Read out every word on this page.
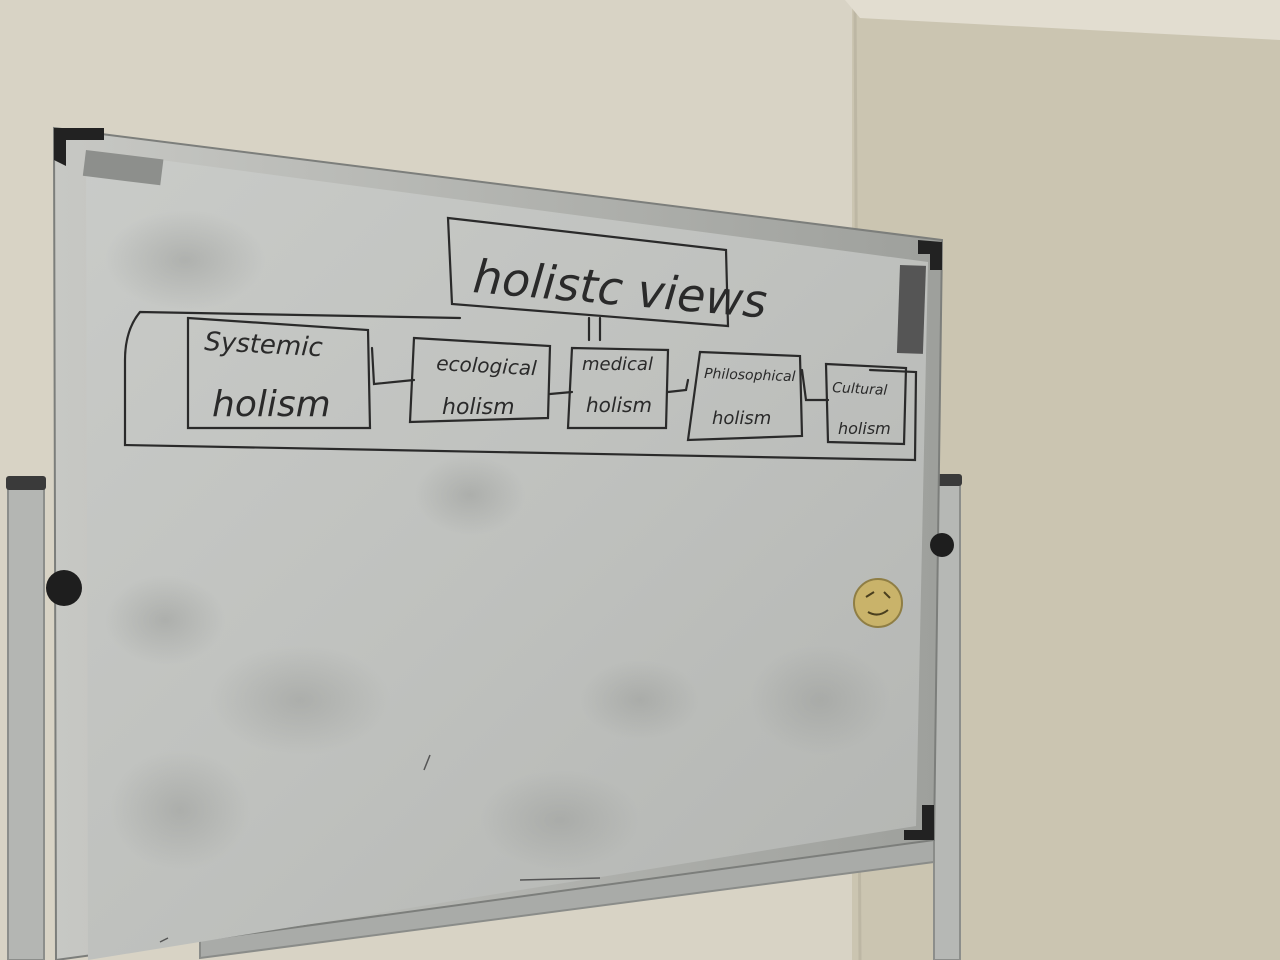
holistc views
Systemic
holism
ecological
holism
medical
holism
Philosophical
holism
Cultural
holism
